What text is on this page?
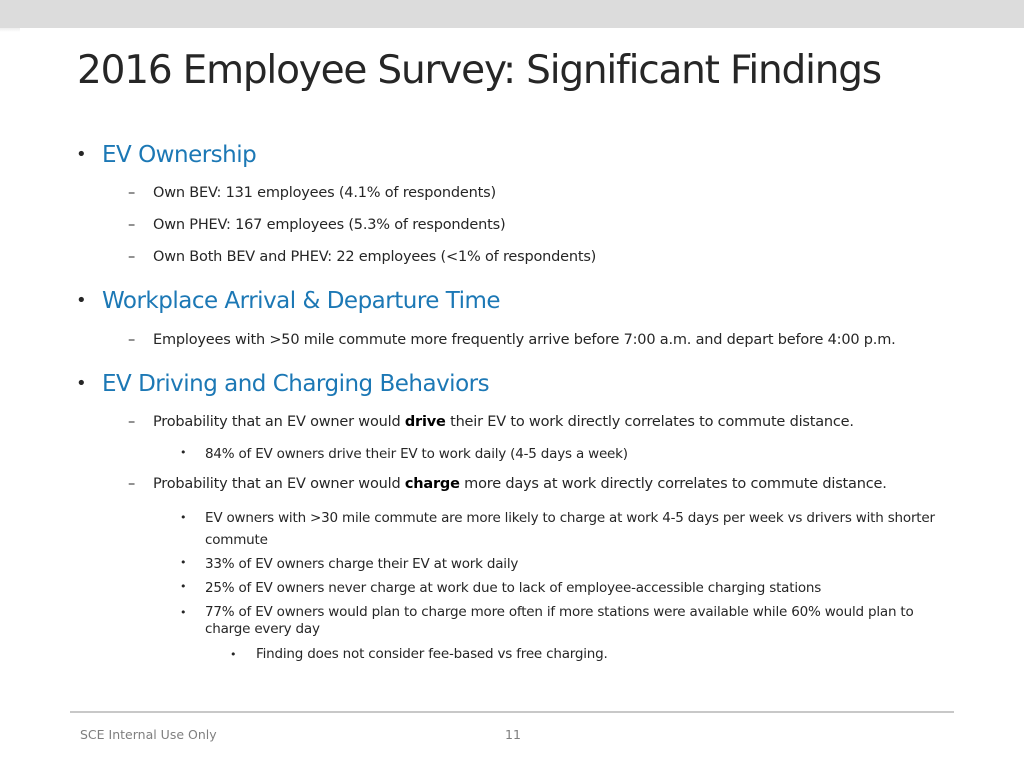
2016 Employee Survey: Significant Findings
• EV Ownership
– Own BEV: 131 employees (4.1% of respondents)
– Own PHEV: 167 employees (5.3% of respondents)
– Own Both BEV and PHEV: 22 employees (<1% of respondents)
• Workplace Arrival & Departure Time
– Employees with >50 mile commute more frequently arrive before 7:00 a.m. and depart before 4:00 p.m.
• EV Driving and Charging Behaviors
– Probability that an EV owner would drive their EV to work directly correlates to commute distance.
•	84% of EV owners drive their EV to work daily (4-5 days a week)
– Probability that an EV owner would charge more days at work directly correlates to commute distance.
•	EV owners with >30 mile commute are more likely to charge at work 4-5 days per week vs drivers with shorter commute
•	33% of EV owners charge their EV at work daily
•	25% of EV owners never charge at work due to lack of employee-accessible charging stations
•	77% of EV owners would plan to charge more often if more stations were available while 60% would plan to charge every day
• Finding does not consider fee-based vs free charging.
SCE Internal Use Only	11
